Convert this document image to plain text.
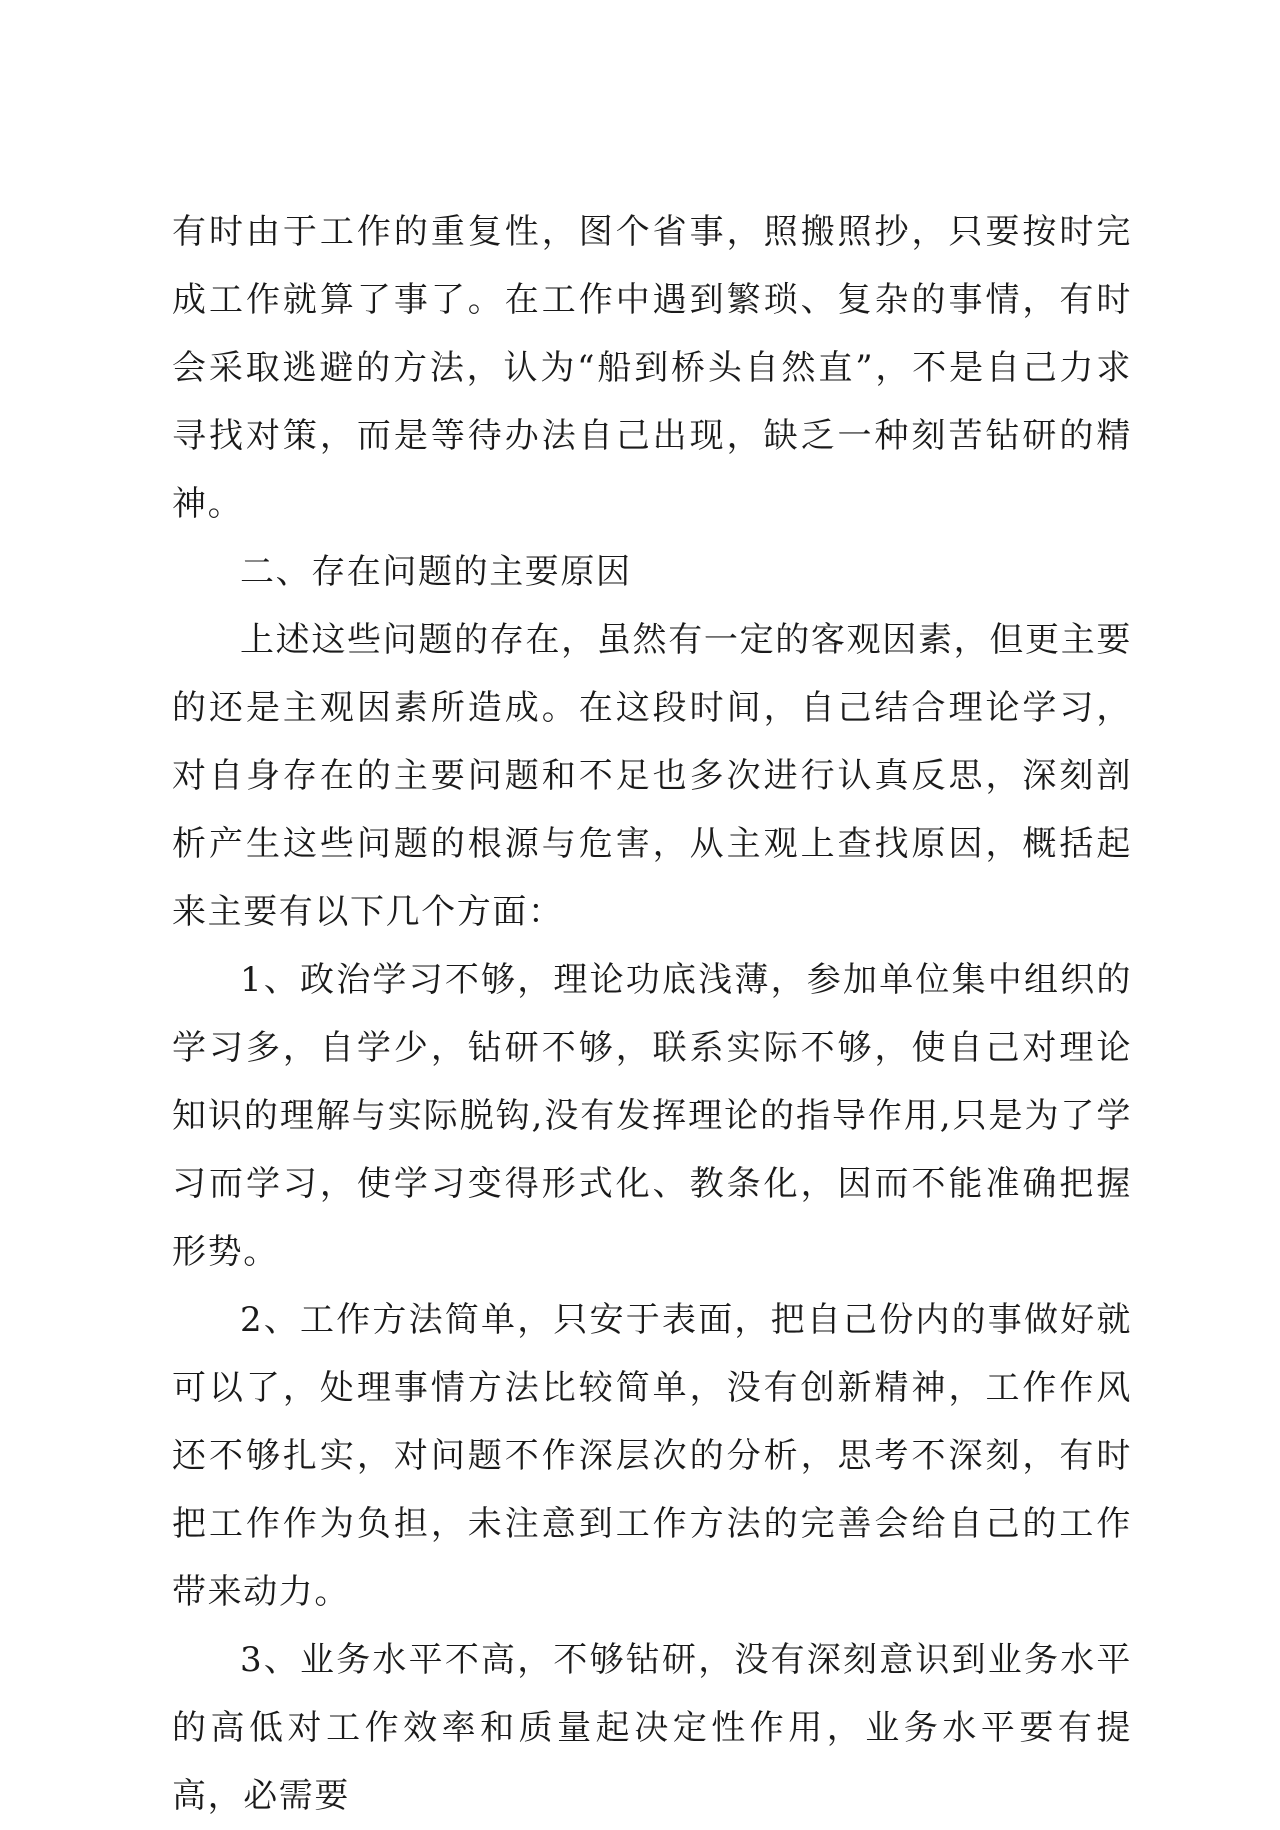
有时由于工作的重复性，图个省事，照搬照抄，只要按时完成工作就算了事了。在工作中遇到繁琐、复杂的事情，有时会采取逃避的方法，认为“船到桥头自然直”，不是自己力求寻找对策，而是等待办法自己出现，缺乏一种刻苦钻研的精神。

二、存在问题的主要原因

上述这些问题的存在，虽然有一定的客观因素，但更主要的还是主观因素所造成。在这段时间，自己结合理论学习，对自身存在的主要问题和不足也多次进行认真反思，深刻剖析产生这些问题的根源与危害，从主观上查找原因，概括起来主要有以下几个方面：

1、政治学习不够，理论功底浅薄，参加单位集中组织的学习多，自学少，钻研不够，联系实际不够，使自己对理论知识的理解与实际脱钩,没有发挥理论的指导作用,只是为了学习而学习，使学习变得形式化、教条化，因而不能准确把握形势。

2、工作方法简单，只安于表面，把自己份内的事做好就可以了，处理事情方法比较简单，没有创新精神，工作作风还不够扎实，对问题不作深层次的分析，思考不深刻，有时把工作作为负担，未注意到工作方法的完善会给自己的工作带来动力。

3、业务水平不高，不够钻研，没有深刻意识到业务水平的高低对工作效率和质量起决定性作用，业务水平要有提高，必需要
